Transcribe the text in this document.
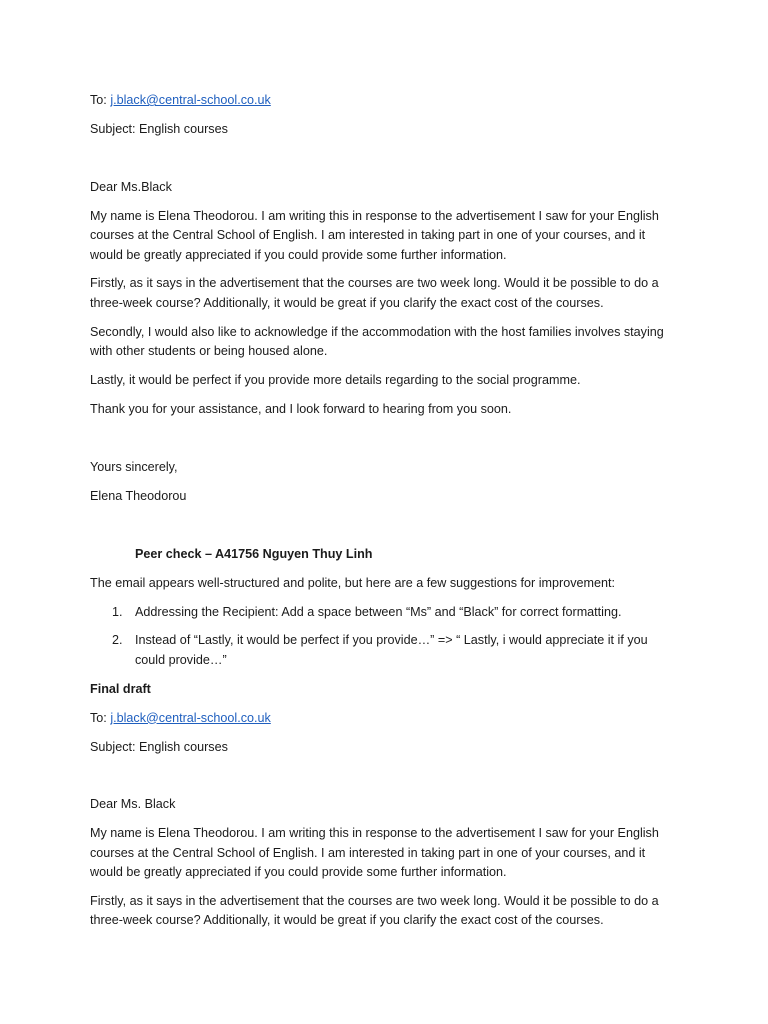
To: j.black@central-school.co.uk

Subject: English courses

Dear Ms.Black

My name is Elena Theodorou. I am writing this in response to the advertisement I saw for your English courses at the Central School of English. I am interested in taking part in one of your courses, and it would be greatly appreciated if you could provide some further information.

Firstly, as it says in the advertisement that the courses are two week long. Would it be possible to do a three-week course? Additionally, it would be great if you clarify the exact cost of the courses.

Secondly, I would also like to acknowledge if the accommodation with the host families involves staying with other students or being housed alone.

Lastly, it would be perfect if you provide more details regarding to the social programme.

Thank you for your assistance, and I look forward to hearing from you soon.

Yours sincerely,

Elena Theodorou

Peer check – A41756 Nguyen Thuy Linh

The email appears well-structured and polite, but here are a few suggestions for improvement:

1. Addressing the Recipient: Add a space between “Ms” and “Black” for correct formatting.
2. Instead of “Lastly, it would be perfect if you provide…” => “ Lastly, i would appreciate it if you could provide…”

Final draft

To: j.black@central-school.co.uk

Subject: English courses

Dear Ms. Black

My name is Elena Theodorou. I am writing this in response to the advertisement I saw for your English courses at the Central School of English. I am interested in taking part in one of your courses, and it would be greatly appreciated if you could provide some further information.

Firstly, as it says in the advertisement that the courses are two week long. Would it be possible to do a three-week course? Additionally, it would be great if you clarify the exact cost of the courses.
